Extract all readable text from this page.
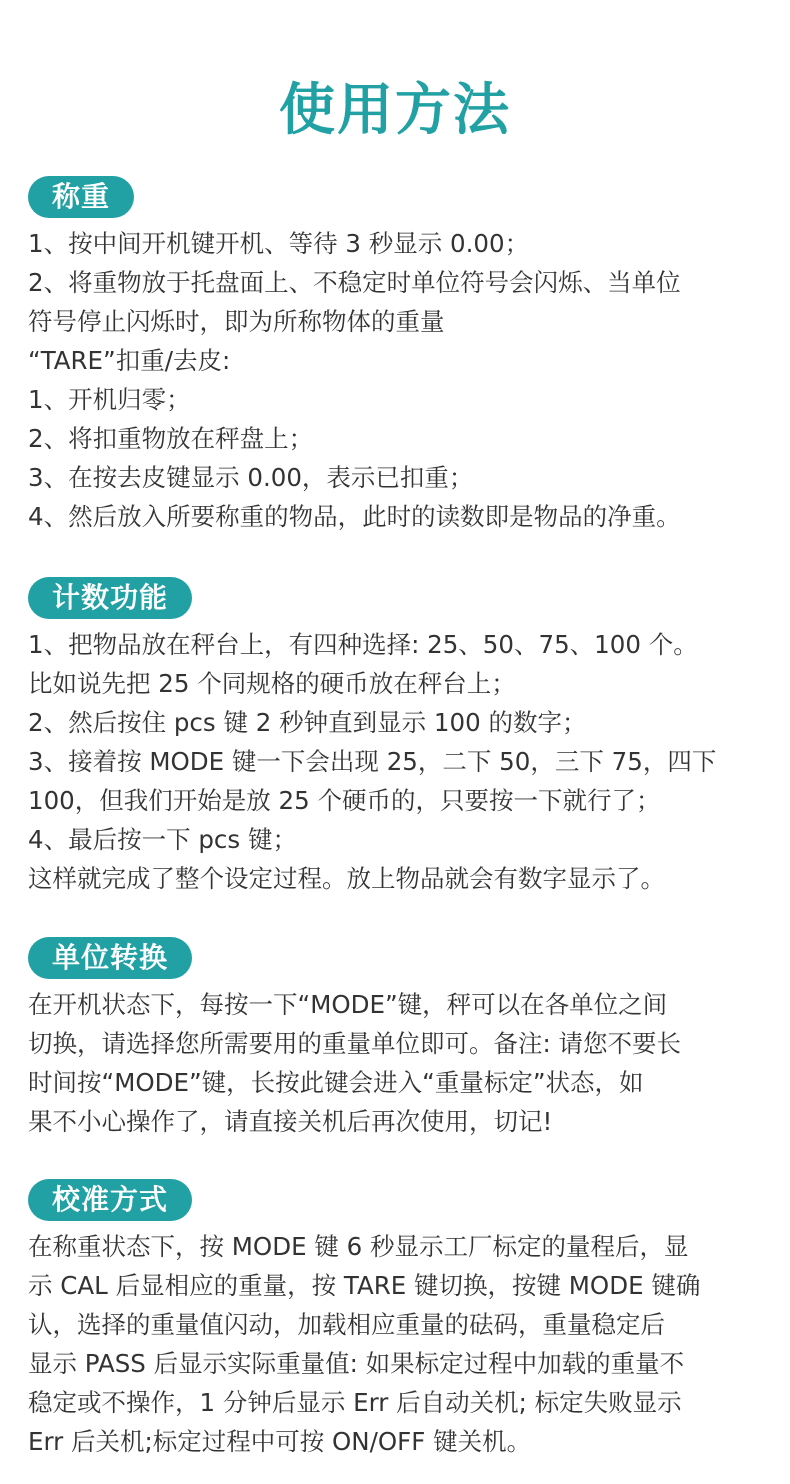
使用方法
称重
1、按中间开机键开机、等待 3 秒显示 0.00；
2、将重物放于托盘面上、不稳定时单位符号会闪烁、当单位
符号停止闪烁时，即为所称物体的重量
“TARE”扣重/去皮:
1、开机归零；
2、将扣重物放在秤盘上；
3、在按去皮键显示 0.00，表示已扣重；
4、然后放入所要称重的物品，此时的读数即是物品的净重。
计数功能
1、把物品放在秤台上，有四种选择: 25、50、75、100 个。
比如说先把 25 个同规格的硬币放在秤台上；
2、然后按住 pcs 键 2 秒钟直到显示 100 的数字；
3、接着按 MODE 键一下会出现 25，二下 50，三下 75，四下
100，但我们开始是放 25 个硬币的，只要按一下就行了；
4、最后按一下 pcs 键；
这样就完成了整个设定过程。放上物品就会有数字显示了。
单位转换
在开机状态下，每按一下“MODE”键，秤可以在各单位之间
切换，请选择您所需要用的重量单位即可。备注: 请您不要长
时间按“MODE”键，长按此键会进入“重量标定”状态，如
果不小心操作了，请直接关机后再次使用，切记!
校准方式
在称重状态下，按 MODE 键 6 秒显示工厂标定的量程后，显
示 CAL 后显相应的重量，按 TARE 键切换，按键 MODE 键确
认，选择的重量值闪动，加载相应重量的砝码，重量稳定后
显示 PASS 后显示实际重量值: 如果标定过程中加载的重量不
稳定或不操作，1 分钟后显示 Err 后自动关机; 标定失败显示
Err 后关机;标定过程中可按 ON/OFF 键关机。
